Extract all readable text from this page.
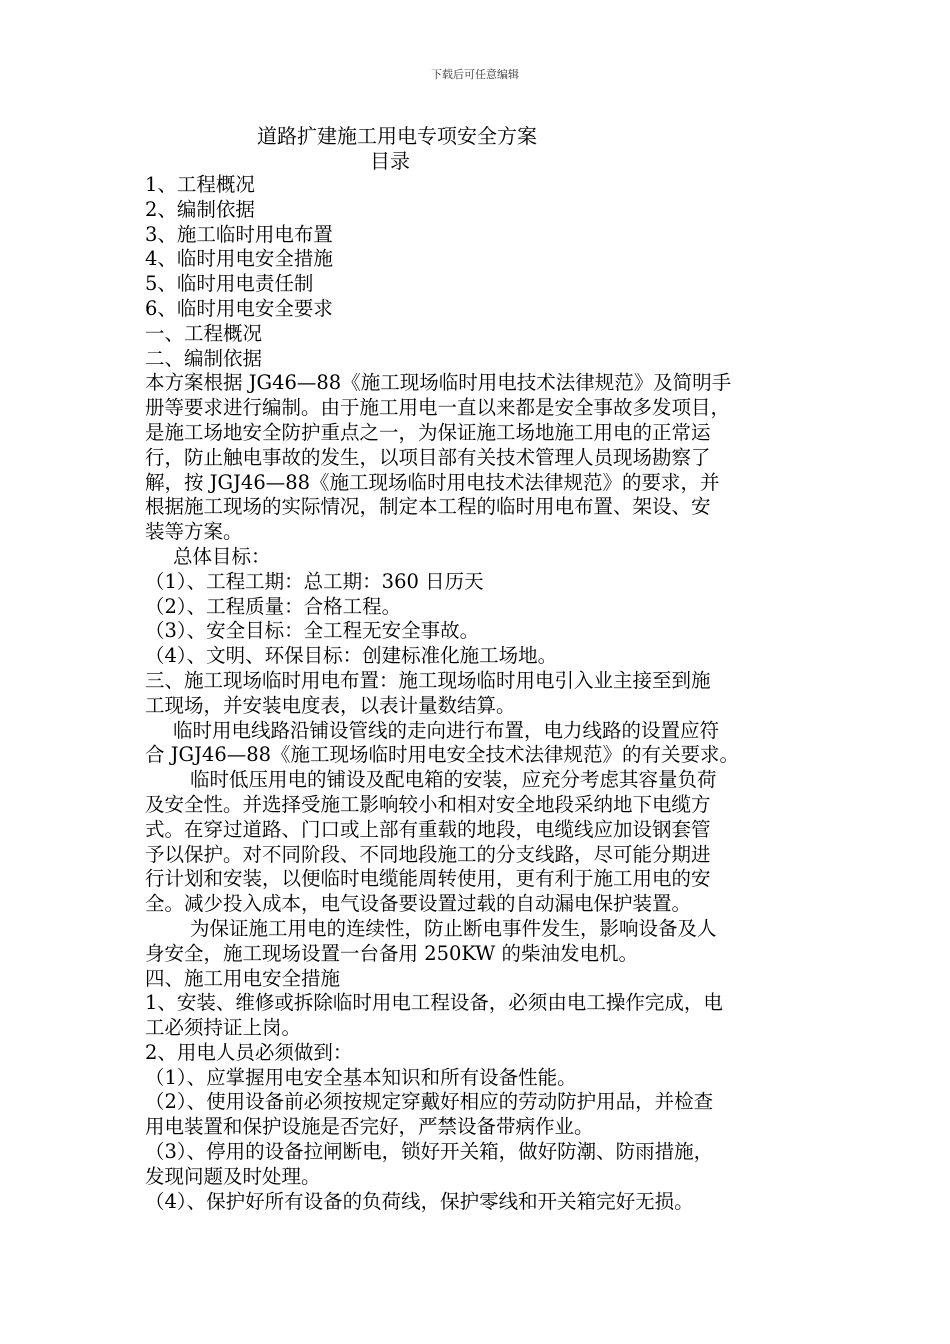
下载后可任意编辑
道路扩建施工用电专项安全方案
目录
1、工程概况
2、编制依据
3、施工临时用电布置
4、临时用电安全措施
5、临时用电责任制
6、临时用电安全要求
一、工程概况
二、编制依据
本方案根据 JG46—88《施工现场临时用电技术法律规范》及简明手
册等要求进行编制。由于施工用电一直以来都是安全事故多发项目，
是施工场地安全防护重点之一，为保证施工场地施工用电的正常运
行，防止触电事故的发生，以项目部有关技术管理人员现场勘察了
解，按 JGJ46—88《施工现场临时用电技术法律规范》的要求，并
根据施工现场的实际情况，制定本工程的临时用电布置、架设、安
装等方案。
总体目标：
（1）、工程工期：总工期：360 日历天
（2）、工程质量：合格工程。
（3）、安全目标：全工程无安全事故。
（4）、文明、环保目标：创建标准化施工场地。
三、施工现场临时用电布置：施工现场临时用电引入业主接至到施
工现场，并安装电度表，以表计量数结算。
临时用电线路沿铺设管线的走向进行布置，电力线路的设置应符
合 JGJ46—88《施工现场临时用电安全技术法律规范》的有关要求。
临时低压用电的铺设及配电箱的安装，应充分考虑其容量负荷
及安全性。并选择受施工影响较小和相对安全地段采纳地下电缆方
式。在穿过道路、门口或上部有重载的地段，电缆线应加设钢套管
予以保护。对不同阶段、不同地段施工的分支线路，尽可能分期进
行计划和安装，以便临时电缆能周转使用，更有利于施工用电的安
全。减少投入成本，电气设备要设置过载的自动漏电保护装置。
为保证施工用电的连续性，防止断电事件发生，影响设备及人
身安全，施工现场设置一台备用 250KW 的柴油发电机。
四、施工用电安全措施
1、安装、维修或拆除临时用电工程设备，必须由电工操作完成，电
工必须持证上岗。
2、用电人员必须做到：
（1）、应掌握用电安全基本知识和所有设备性能。
（2）、使用设备前必须按规定穿戴好相应的劳动防护用品，并检查
用电装置和保护设施是否完好，严禁设备带病作业。
（3）、停用的设备拉闸断电，锁好开关箱，做好防潮、防雨措施，
发现问题及时处理。
（4）、保护好所有设备的负荷线，保护零线和开关箱完好无损。
